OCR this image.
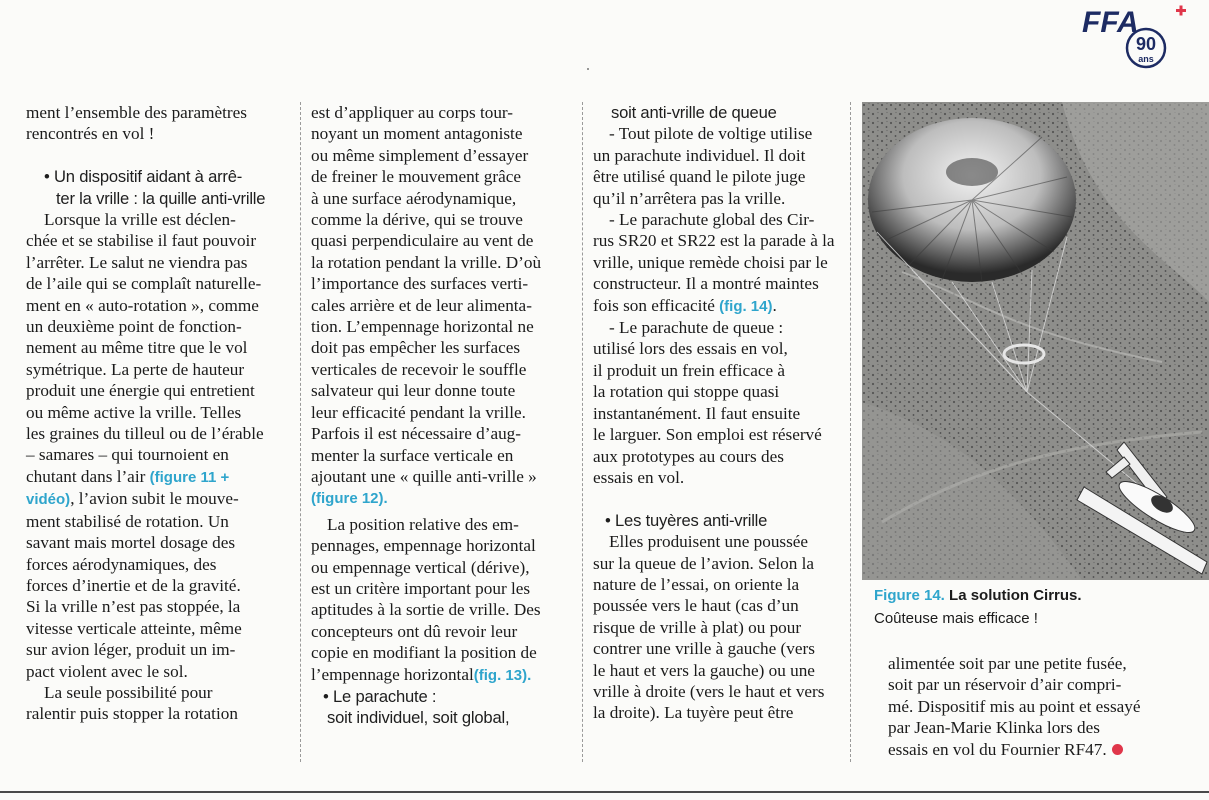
FFA
90
ans

ment l’ensemble des paramètres

rencontrés en vol !

• Un dispositif aidant à arrê-

ter la vrille : la quille anti-vrille

Lorsque la vrille est déclen-

chée et se stabilise il faut pouvoir

l’arrêter. Le salut ne viendra pas

de l’aile qui se complaît naturelle-

ment en « auto-rotation », comme

un deuxième point de fonction-

nement au même titre que le vol

symétrique. La perte de hauteur

produit une énergie qui entretient

ou même active la vrille. Telles

les graines du tilleul ou de l’érable

– samares – qui tournoient en

chutant dans l’air (figure 11 +

vidéo), l’avion subit le mouve-

ment stabilisé de rotation. Un

savant mais mortel dosage des

forces aérodynamiques, des

forces d’inertie et de la gravité.

Si la vrille n’est pas stoppée, la

vitesse verticale atteinte, même

sur avion léger, produit un im-

pact violent avec le sol.

La seule possibilité pour

ralentir puis stopper la rotation

est d’appliquer au corps tour-

noyant un moment antagoniste

ou même simplement d’essayer

de freiner le mouvement grâce

à une surface aérodynamique,

comme la dérive, qui se trouve

quasi perpendiculaire au vent de

la rotation pendant la vrille. D’où

l’importance des surfaces verti-

cales arrière et de leur alimenta-

tion. L’empennage horizontal ne

doit pas empêcher les surfaces

verticales de recevoir le souffle

salvateur qui leur donne toute

leur efficacité pendant la vrille.

Parfois il est nécessaire d’aug-

menter la surface verticale en

ajoutant une « quille anti-vrille »

(figure 12).

La position relative des em-

pennages, empennage horizontal

ou empennage vertical (dérive),

est un critère important pour les

aptitudes à la sortie de vrille. Des

concepteurs ont dû revoir leur

copie en modifiant la position de

l’empennage horizontal(fig. 13).

• Le parachute :

soit individuel, soit global,

soit anti-vrille de queue

- Tout pilote de voltige utilise

un parachute individuel. Il doit

être utilisé quand le pilote juge

qu’il n’arrêtera pas la vrille.

- Le parachute global des Cir-

rus SR20 et SR22 est la parade à la

vrille, unique remède choisi par le

constructeur. Il a montré maintes

fois son efficacité (fig. 14).

- Le parachute de queue :

utilisé lors des essais en vol,

il produit un frein efficace à

la rotation qui stoppe quasi

instantanément. Il faut ensuite

le larguer. Son emploi est réservé

aux prototypes au cours des

essais en vol.

• Les tuyères anti-vrille

Elles produisent une poussée

sur la queue de l’avion. Selon la

nature de l’essai, on oriente la

poussée vers le haut (cas d’un

risque de vrille à plat) ou pour

contrer une vrille à gauche (vers

le haut et vers la gauche) ou une

vrille à droite (vers le haut et vers

la droite). La tuyère peut être

Figure 14. La solution Cirrus.

Coûteuse mais efficace !

alimentée soit par une petite fusée,

soit par un réservoir d’air compri-

mé. Dispositif mis au point et essayé

par Jean-Marie Klinka lors des

essais en vol du Fournier RF47.
